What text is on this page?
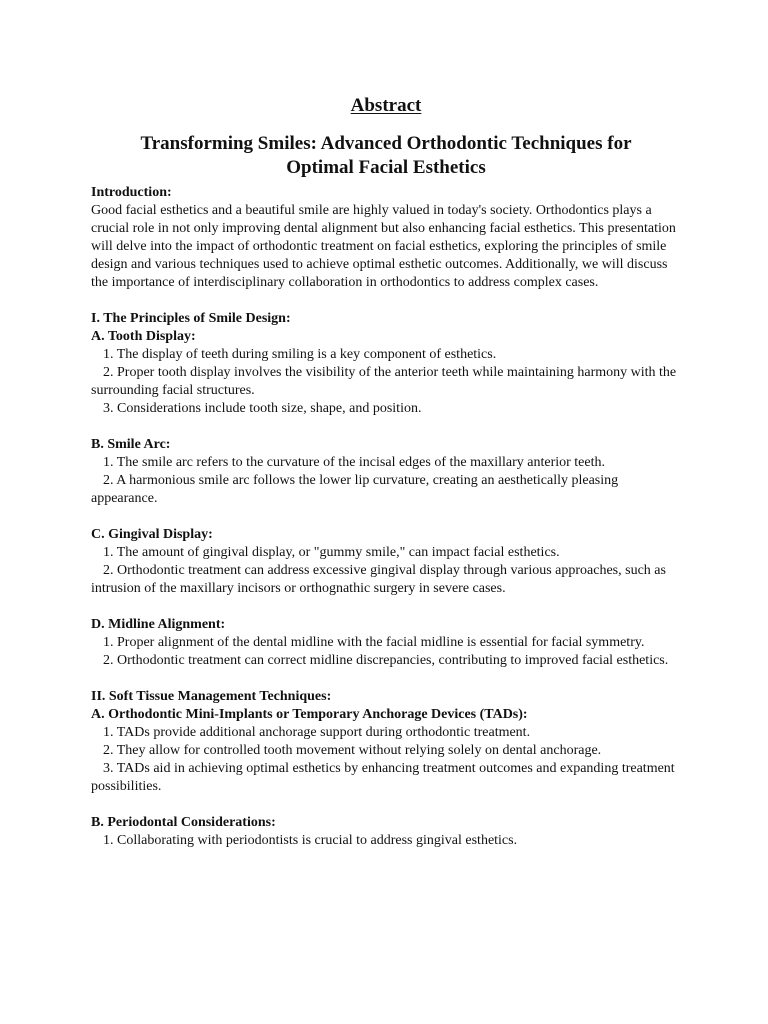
Abstract
Transforming Smiles: Advanced Orthodontic Techniques for
Optimal Facial Esthetics

Introduction:

Good facial esthetics and a beautiful smile are highly valued in today's society. Orthodontics plays a crucial role in not only improving dental alignment but also enhancing facial esthetics. This presentation will delve into the impact of orthodontic treatment on facial esthetics, exploring the principles of smile design and various techniques used to achieve optimal esthetic outcomes. Additionally, we will discuss the importance of interdisciplinary collaboration in orthodontics to address complex cases.

I. The Principles of Smile Design:

A. Tooth Display:

1. The display of teeth during smiling is a key component of esthetics.

2. Proper tooth display involves the visibility of the anterior teeth while maintaining harmony with the surrounding facial structures.

3. Considerations include tooth size, shape, and position.

B. Smile Arc:

1. The smile arc refers to the curvature of the incisal edges of the maxillary anterior teeth.

2. A harmonious smile arc follows the lower lip curvature, creating an aesthetically pleasing appearance.

C. Gingival Display:

1. The amount of gingival display, or "gummy smile," can impact facial esthetics.

2. Orthodontic treatment can address excessive gingival display through various approaches, such as intrusion of the maxillary incisors or orthognathic surgery in severe cases.

D. Midline Alignment:

1. Proper alignment of the dental midline with the facial midline is essential for facial symmetry.

2. Orthodontic treatment can correct midline discrepancies, contributing to improved facial esthetics.

II. Soft Tissue Management Techniques:

A. Orthodontic Mini-Implants or Temporary Anchorage Devices (TADs):

1. TADs provide additional anchorage support during orthodontic treatment.

2. They allow for controlled tooth movement without relying solely on dental anchorage.

3. TADs aid in achieving optimal esthetics by enhancing treatment outcomes and expanding treatment possibilities.

B. Periodontal Considerations:

1. Collaborating with periodontists is crucial to address gingival esthetics.
